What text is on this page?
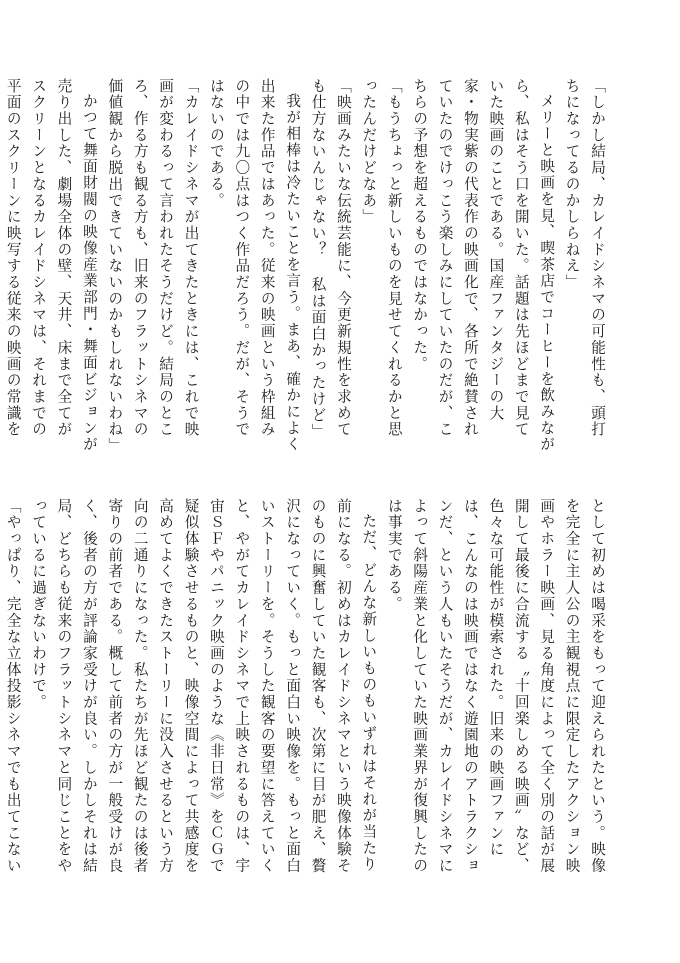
「しかし結局、カレイドシネマの可能性も、頭打ちになってるのかしらねえ」

メリーと映画を見、喫茶店でコーヒーを飲みながら、私はそう口を開いた。話題は先ほどまで見ていた映画のことである。国産ファンタジーの大家・物実紫の代表作の映画化で、各所で絶賛されていたのでけっこう楽しみにしていたのだが、こちらの予想を超えるものではなかった。

「もうちょっと新しいものを見せてくれるかと思ったんだけどなあ」

「映画みたいな伝統芸能に、今更新規性を求めても仕方ないんじゃない？ 私は面白かったけど」

我が相棒は冷たいことを言う。まあ、確かによく出来た作品ではあった。従来の映画という枠組みの中では九〇点はつく作品だろう。だが、そうではないのである。

「カレイドシネマが出てきたときには、これで映画が変わるって言われたそうだけど。結局のところ、作る方も観る方も、旧来のフラットシネマの価値観から脱出できていないのかもしれないわね」

かつて舞面財閥の映像産業部門・舞面ビジョンが売り出した、劇場全体の壁、天井、床まで全てがスクリーンとなるカレイドシネマは、それまでの平面のスクリーンに映写する従来の映画の常識を

として初めは喝采をもって迎えられたという。映像を完全に主人公の主観視点に限定したアクション映画やホラー映画、見る角度によって全く別の話が展開して最後に合流する〝十回楽しめる映画〟など、色々な可能性が模索された。旧来の映画ファンには、こんなのは映画ではなく遊園地のアトラクションだ、という人もいたそうだが、カレイドシネマによって斜陽産業と化していた映画業界が復興したのは事実である。

ただ、どんな新しいものもいずれはそれが当たり前になる。初めはカレイドシネマという映像体験そのものに興奮していた観客も、次第に目が肥え、贅沢になっていく。もっと面白い映像を。もっと面白いストーリーを。そうした観客の要望に答えていくと、やがてカレイドシネマで上映されるものは、宇宙ＳＦやパニック映画のような《非日常》をＣＧで疑似体験させるものと、映像空間によって共感度を高めてよくできたストーリーに没入させるという方向の二通りになった。私たちが先ほど観たのは後者寄りの前者である。概して前者の方が一般受けが良く、後者の方が評論家受けが良い。しかしそれは結局、どちらも従来のフラットシネマと同じことをやっているに過ぎないわけで。

「やっぱり、完全な立体投影シネマでも出てこない
